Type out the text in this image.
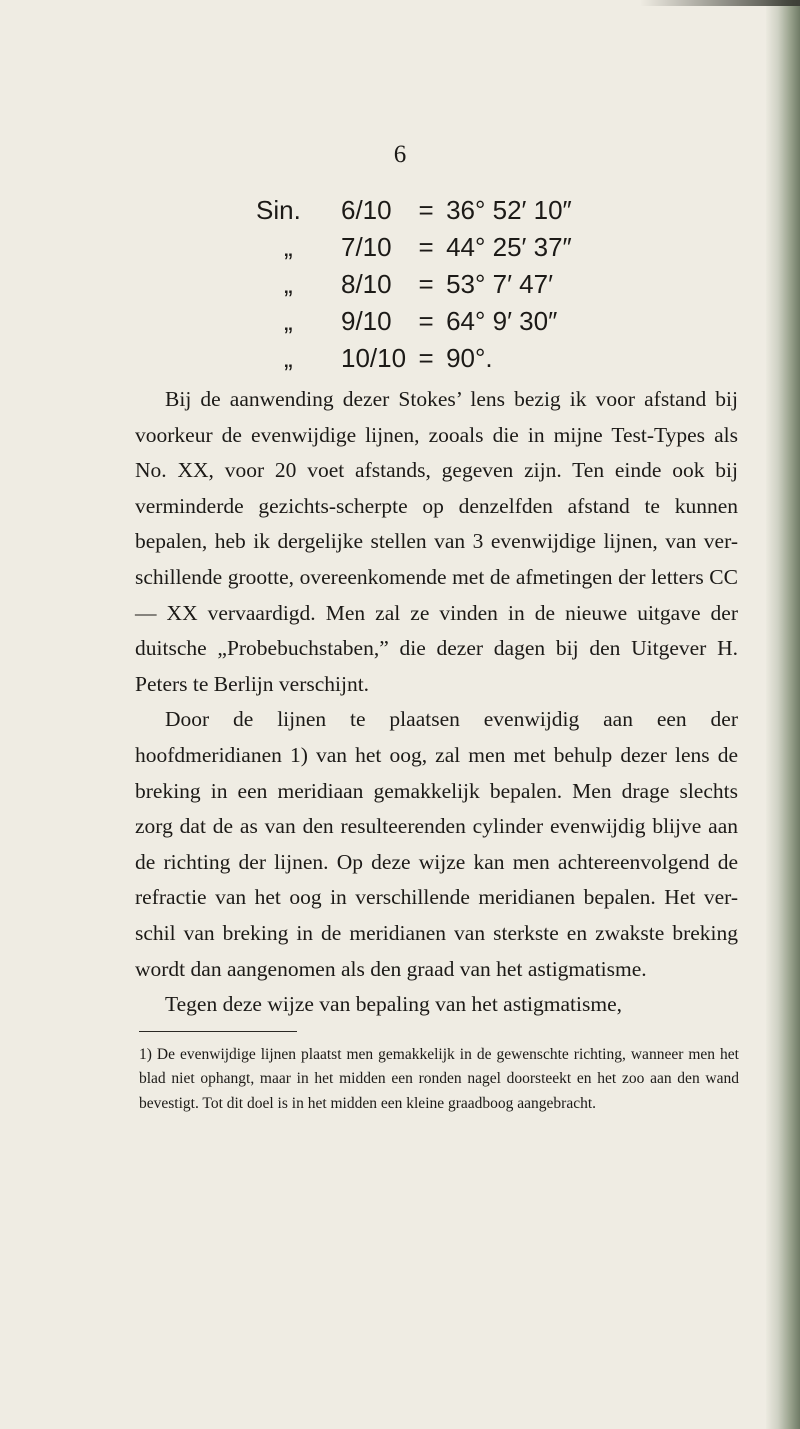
6
Sin.	6/10	=	36° 52′ 10″
„	7/10	=	44° 25′ 37″
„	8/10	=	53° 7′ 47′
„	9/10	=	64° 9′ 30″
„	10/10	=	90°.

Bij de aanwending dezer Stokes’ lens bezig ik voor afstand bij voorkeur de evenwijdige lijnen, zooals die in mijne Test-Types als No. XX, voor 20 voet afstands, gegeven zijn. Ten einde ook bij verminderde gezichts-scherpte op denzelfden afstand te kunnen bepalen, heb ik dergelijke stellen van 3 evenwijdige lijnen, van ver-schillende grootte, overeenkomende met de afmetingen der letters CC — XX vervaardigd. Men zal ze vinden in de nieuwe uitgave der duitsche „Probebuchstaben,” die dezer dagen bij den Uitgever H. Peters te Berlijn verschijnt.

Door de lijnen te plaatsen evenwijdig aan een der hoofdmeridianen 1) van het oog, zal men met behulp dezer lens de breking in een meridiaan gemakkelijk bepalen. Men drage slechts zorg dat de as van den resulteerenden cylinder evenwijdig blijve aan de richting der lijnen. Op deze wijze kan men achtereenvolgend de refractie van het oog in verschillende meridianen bepalen. Het ver-schil van breking in de meridianen van sterkste en zwakste breking wordt dan aangenomen als den graad van het astigmatisme.

Tegen deze wijze van bepaling van het astigmatisme,

1) De evenwijdige lijnen plaatst men gemakkelijk in de gewenschte richting, wanneer men het blad niet ophangt, maar in het midden een ronden nagel doorsteekt en het zoo aan den wand bevestigt. Tot dit doel is in het midden een kleine graadboog aangebracht.
